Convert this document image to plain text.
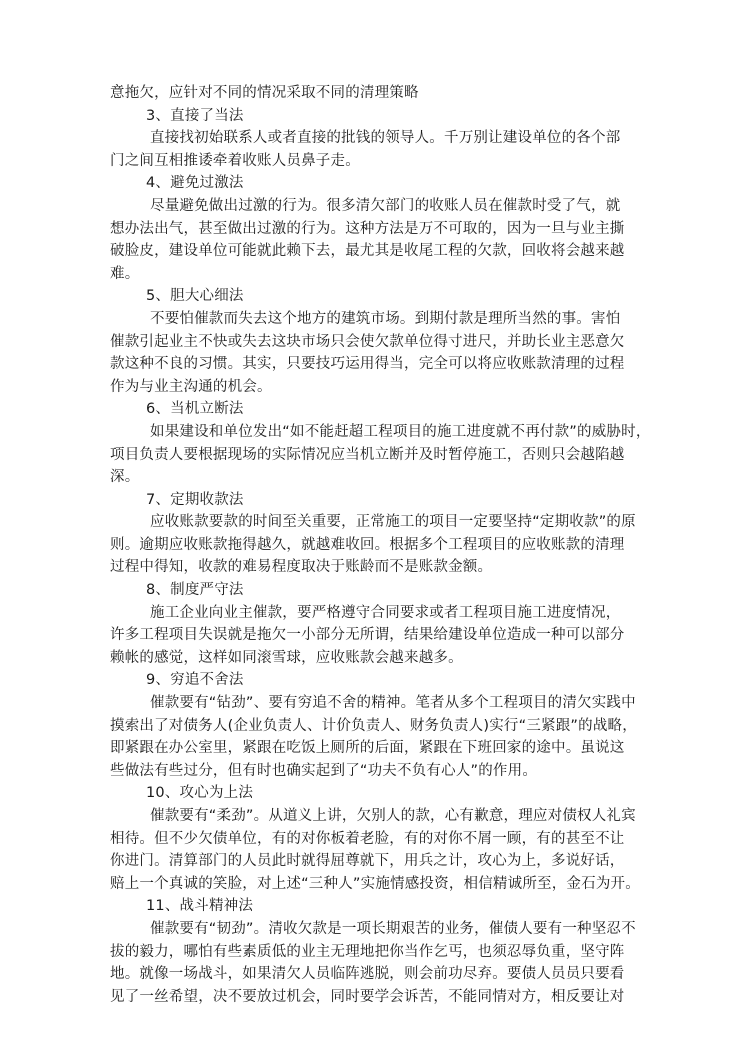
意拖欠，应针对不同的情况采取不同的清理策略
3、直接了当法
直接找初始联系人或者直接的批钱的领导人。千万别让建设单位的各个部
门之间互相推诿牵着收账人员鼻子走。
4、避免过激法
尽量避免做出过激的行为。很多清欠部门的收账人员在催款时受了气，就
想办法出气，甚至做出过激的行为。这种方法是万不可取的，因为一旦与业主撕
破脸皮，建设单位可能就此赖下去，最尤其是收尾工程的欠款，回收将会越来越
难。
5、胆大心细法
不要怕催款而失去这个地方的建筑市场。到期付款是理所当然的事。害怕
催款引起业主不快或失去这块市场只会使欠款单位得寸进尺，并助长业主恶意欠
款这种不良的习惯。其实，只要技巧运用得当，完全可以将应收账款清理的过程
作为与业主沟通的机会。
6、当机立断法
如果建设和单位发出“如不能赶超工程项目的施工进度就不再付款”的威胁时，
项目负责人要根据现场的实际情况应当机立断并及时暂停施工，否则只会越陷越
深。
7、定期收款法
应收账款要款的时间至关重要，正常施工的项目一定要坚持“定期收款”的原
则。逾期应收账款拖得越久，就越难收回。根据多个工程项目的应收账款的清理
过程中得知，收款的难易程度取决于账龄而不是账款金额。
8、制度严守法
施工企业向业主催款，要严格遵守合同要求或者工程项目施工进度情况，
许多工程项目失误就是拖欠一小部分无所谓，结果给建设单位造成一种可以部分
赖帐的感觉，这样如同滚雪球，应收账款会越来越多。
9、穷追不舍法
催款要有“钻劲”、要有穷追不舍的精神。笔者从多个工程项目的清欠实践中
摸索出了对债务人(企业负责人、计价负责人、财务负责人)实行“三紧跟”的战略，
即紧跟在办公室里，紧跟在吃饭上厕所的后面，紧跟在下班回家的途中。虽说这
些做法有些过分，但有时也确实起到了“功夫不负有心人”的作用。
10、攻心为上法
催款要有“柔劲”。从道义上讲，欠别人的款，心有歉意，理应对债权人礼宾
相待。但不少欠债单位，有的对你板着老脸，有的对你不屑一顾，有的甚至不让
你进门。清算部门的人员此时就得屈尊就下，用兵之计，攻心为上，多说好话，
赔上一个真诚的笑脸，对上述“三种人”实施情感投资，相信精诚所至，金石为开。
11、战斗精神法
催款要有“韧劲”。清收欠款是一项长期艰苦的业务，催债人要有一种坚忍不
拔的毅力，哪怕有些素质低的业主无理地把你当作乞丐，也须忍辱负重，坚守阵
地。就像一场战斗，如果清欠人员临阵逃脱，则会前功尽弃。要债人员员只要看
见了一丝希望，决不要放过机会，同时要学会诉苦，不能同情对方，相反要让对
